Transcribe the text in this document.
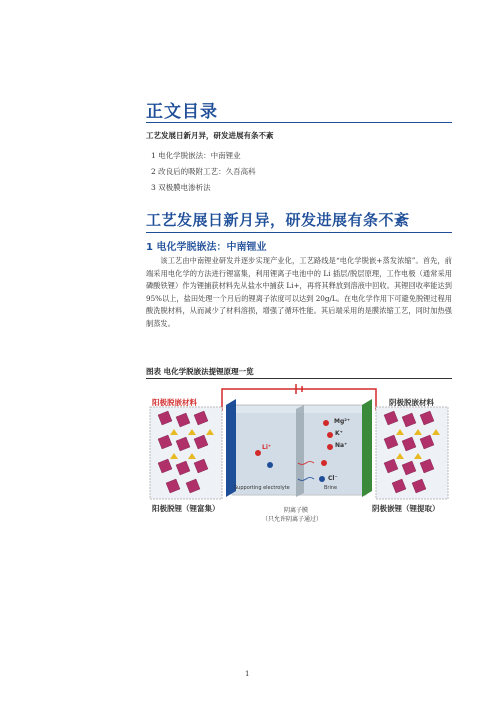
正文目录
工艺发展日新月异，研发进展有条不紊
1 电化学脱嵌法：中南锂业
2 改良后的吸附工艺：久吾高科
3 双极膜电渗析法
工艺发展日新月异，研发进展有条不紊
1 电化学脱嵌法：中南锂业
该工艺由中南锂业研发并逐步实现产业化，工艺路线是“电化学脱嵌+蒸发浓缩”。首先，前端采用电化学的方法进行锂富集，利用锂离子电池中的 Li 插层/脱层原理，工作电极（通常采用磷酸铁锂）作为锂捕获材料先从盐水中捕获 Li+，再将其释放到溶液中回收。其锂回收率能达到 95%以上，盐田处理一个月后的锂离子浓度可以达到 20g/L。在电化学作用下可避免脱锂过程用酸洗脱材料，从而减少了材料溶损，增强了循环性能。其后端采用的是膜浓缩工艺，同时加热强制蒸发。
图表 电化学脱嵌法提锂原理一览
阳极脱嵌材料	阴极脱嵌材料
Li⁺
Mg²⁺
K⁺
Na⁺
Cl⁻
Supporting electrolyte	Brine
阳极脱锂（锂富集）	阴极嵌锂（锂提取）
阴离子膜
（只允许阴离子通过）
1
